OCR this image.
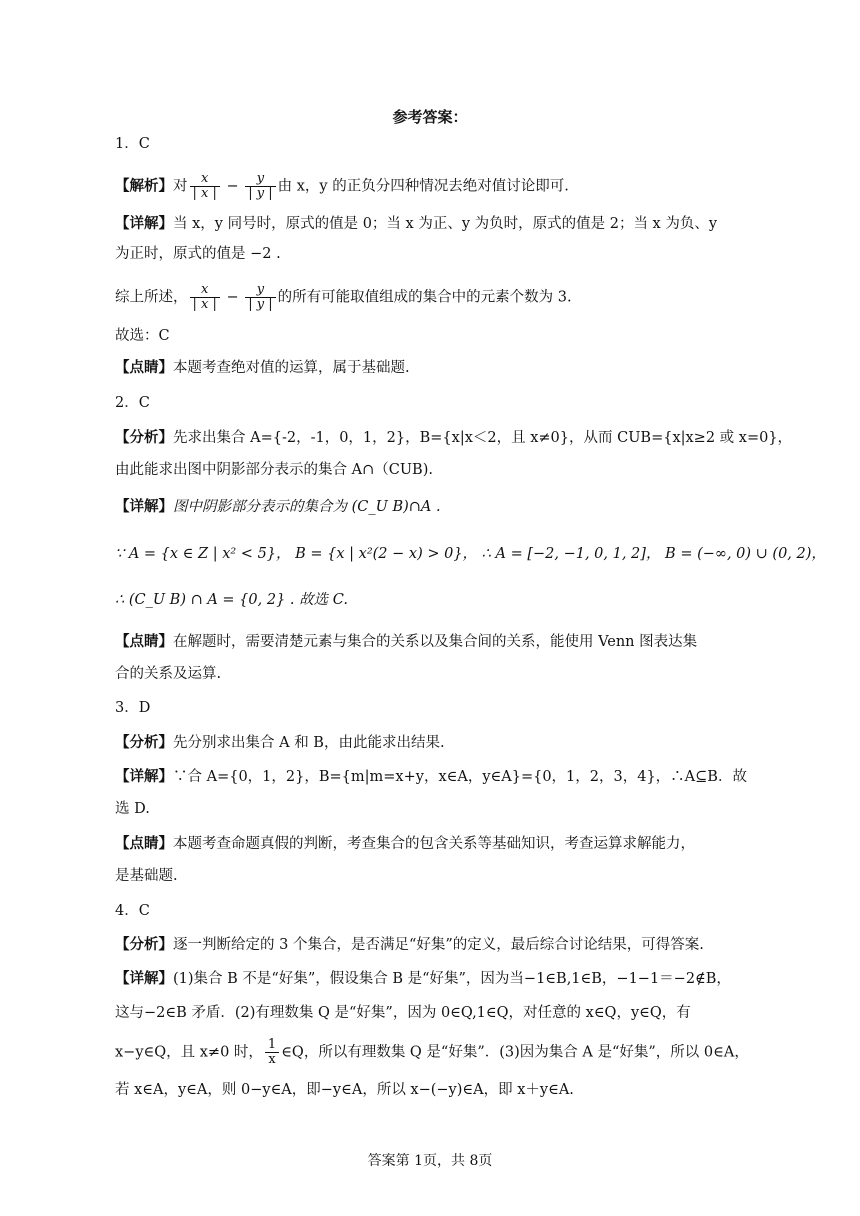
参考答案：
1．C
【解析】对 $\frac{x}{| x |} - \frac{y}{| y |}$ 由 x，y 的正负分四种情况去绝对值讨论即可.
【详解】当 x，y 同号时，原式的值是 0；当 x 为正、y 为负时，原式的值是 2；当 x 为负、y
为正时，原式的值是 −2 .
综上所述， $\frac{x}{| x |} - \frac{y}{| y |}$ 的所有可能取值组成的集合中的元素个数为 3.
故选：C
【点睛】本题考查绝对值的运算，属于基础题.
2．C
【分析】先求出集合 A={-2，-1，0，1，2}，B={x|x＜2，且 x≠0}，从而 CUB={x|x≥2 或 x=0}，
由此能求出图中阴影部分表示的集合 A∩（CUB).
【详解】图中阴影部分表示的集合为 (C_U B)∩A .
∵ A = {x ∈ Z | x² < 5}， B = {x | x²(2 − x) > 0}， ∴ A = [−2, −1, 0, 1, 2]， B = (−∞, 0) ∪ (0, 2)，
∴ (C_U B) ∩ A = {0, 2} . 故选 C.
【点睛】在解题时，需要清楚元素与集合的关系以及集合间的关系，能使用 Venn 图表达集
合的关系及运算.
3．D
【分析】先分别求出集合 A 和 B，由此能求出结果.
【详解】∵合 A={0，1，2}，B={m|m=x+y，x∈A，y∈A}={0，1，2，3，4}，∴A⊆B．故
选 D.
【点睛】本题考查命题真假的判断，考查集合的包含关系等基础知识，考查运算求解能力，
是基础题.
4．C
【分析】逐一判断给定的 3 个集合，是否满足“好集”的定义，最后综合讨论结果，可得答案.
【详解】(1)集合 B 不是“好集”，假设集合 B 是“好集”，因为当−1∈B,1∈B，−1−1＝−2∉B，
这与−2∈B 矛盾．(2)有理数集 Q 是“好集”，因为 0∈Q,1∈Q，对任意的 x∈Q，y∈Q，有
x−y∈Q，且 x≠0 时， $\frac{1}{x}$ ∈Q，所以有理数集 Q 是“好集”．(3)因为集合 A 是“好集”，所以 0∈A，
若 x∈A，y∈A，则 0−y∈A，即−y∈A，所以 x−(−y)∈A，即 x＋y∈A.
答案第 1页，共 8页
